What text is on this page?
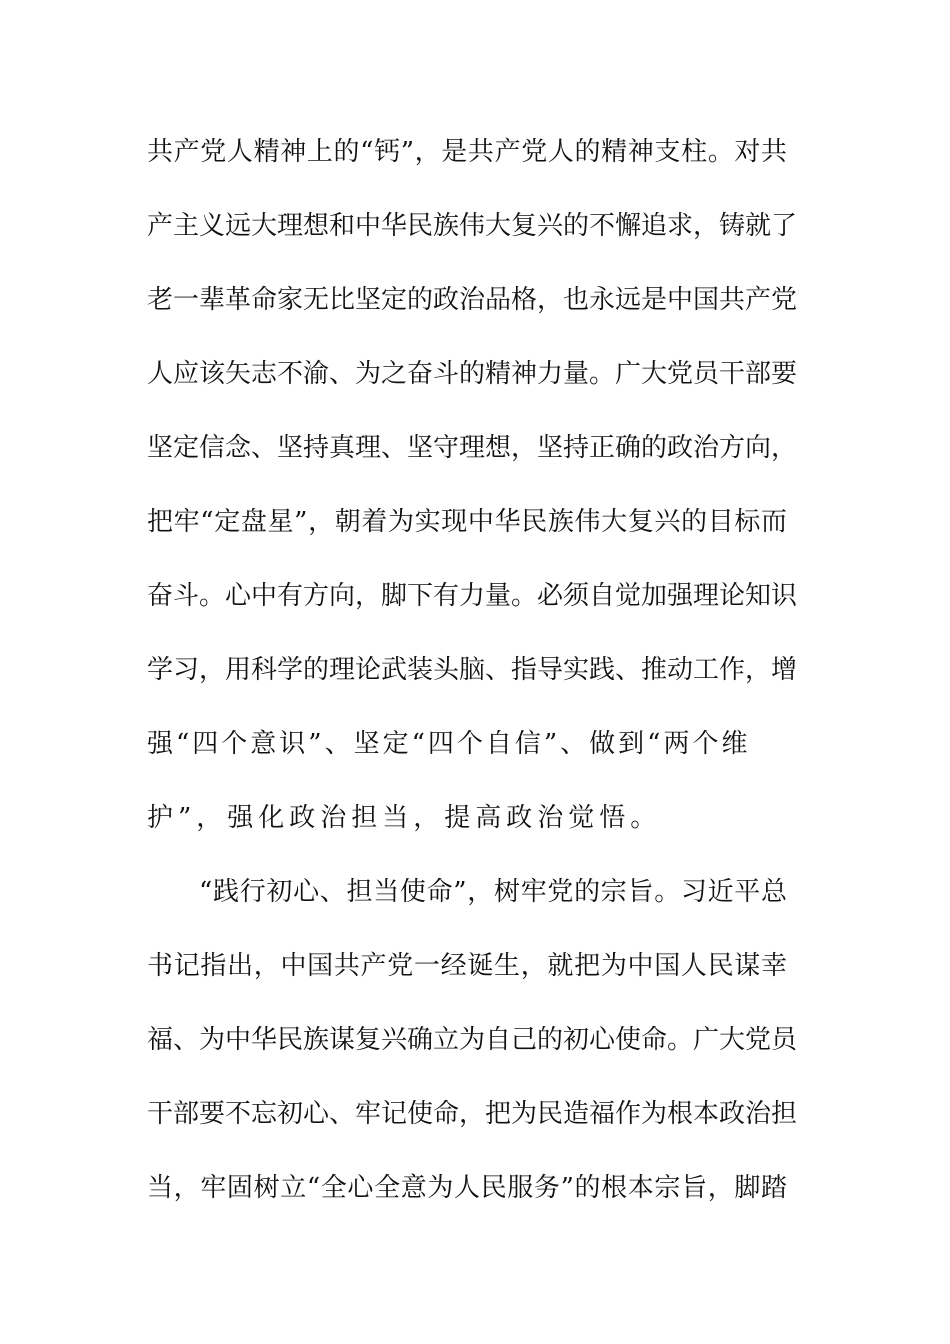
共产党人精神上的“钙”，是共产党人的精神支柱。对共
产主义远大理想和中华民族伟大复兴的不懈追求，铸就了
老一辈革命家无比坚定的政治品格，也永远是中国共产党
人应该矢志不渝、为之奋斗的精神力量。广大党员干部要
坚定信念、坚持真理、坚守理想，坚持正确的政治方向，
把牢“定盘星”，朝着为实现中华民族伟大复兴的目标而
奋斗。心中有方向，脚下有力量。必须自觉加强理论知识
学习，用科学的理论武装头脑、指导实践、推动工作，增
强“四个意识”、坚定“四个自信”、做到“两个维
护”，强化政治担当，提高政治觉悟。
“践行初心、担当使命”，树牢党的宗旨。习近平总
书记指出，中国共产党一经诞生，就把为中国人民谋幸
福、为中华民族谋复兴确立为自己的初心使命。广大党员
干部要不忘初心、牢记使命，把为民造福作为根本政治担
当，牢固树立“全心全意为人民服务”的根本宗旨，脚踏
